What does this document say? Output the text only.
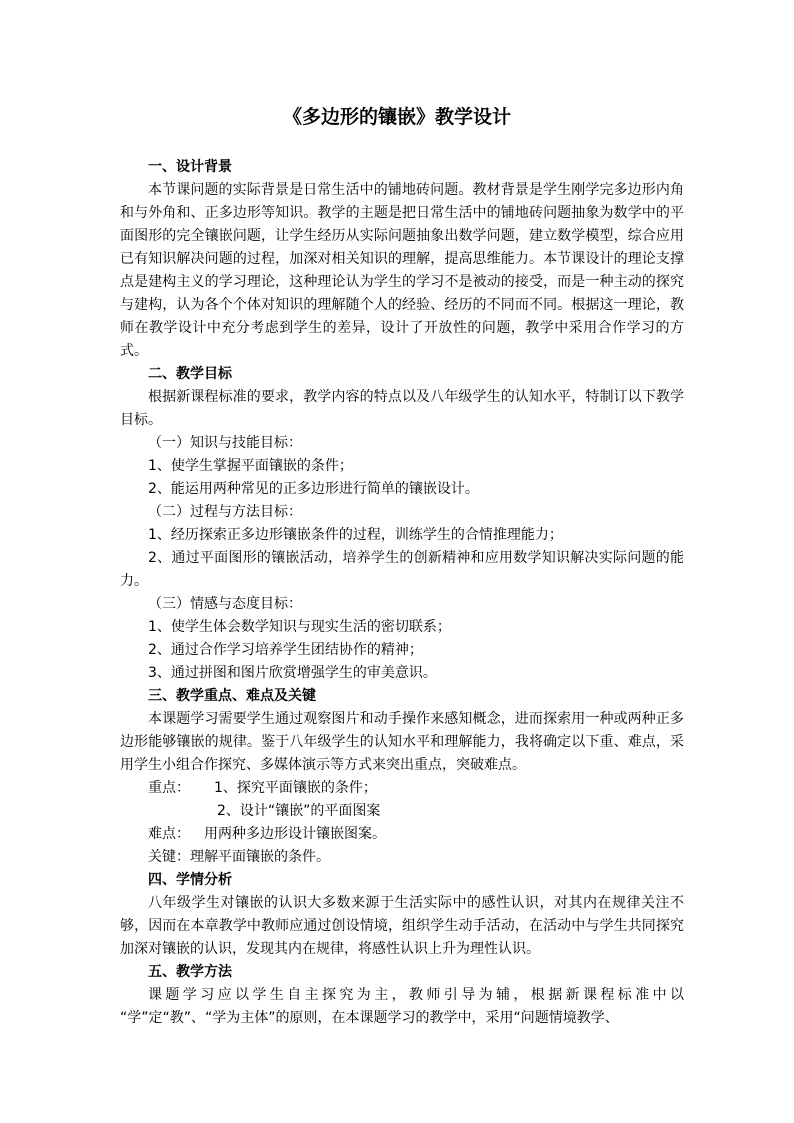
《多边形的镶嵌》教学设计

一、设计背景

本节课问题的实际背景是日常生活中的铺地砖问题。教材背景是学生刚学完多边形内角和与外角和、正多边形等知识。教学的主题是把日常生活中的铺地砖问题抽象为数学中的平面图形的完全镶嵌问题，让学生经历从实际问题抽象出数学问题，建立数学模型，综合应用已有知识解决问题的过程，加深对相关知识的理解，提高思维能力。本节课设计的理论支撑点是建构主义的学习理论，这种理论认为学生的学习不是被动的接受，而是一种主动的探究与建构，认为各个个体对知识的理解随个人的经验、经历的不同而不同。根据这一理论，教师在教学设计中充分考虑到学生的差异，设计了开放性的问题，教学中采用合作学习的方式。

二、教学目标

根据新课程标准的要求，教学内容的特点以及八年级学生的认知水平，特制订以下教学目标。

（一）知识与技能目标：

1、使学生掌握平面镶嵌的条件；

2、能运用两种常见的正多边形进行简单的镶嵌设计。

（二）过程与方法目标：

1、经历探索正多边形镶嵌条件的过程，训练学生的合情推理能力；

2、通过平面图形的镶嵌活动，培养学生的创新精神和应用数学知识解决实际问题的能力。

（三）情感与态度目标：

1、使学生体会数学知识与现实生活的密切联系；

2、通过合作学习培养学生团结协作的精神；

3、通过拼图和图片欣赏增强学生的审美意识。

三、教学重点、难点及关键

本课题学习需要学生通过观察图片和动手操作来感知概念，进而探索用一种或两种正多边形能够镶嵌的规律。鉴于八年级学生的认知水平和理解能力，我将确定以下重、难点，采用学生小组合作探究、多媒体演示等方式来突出重点，突破难点。

重点： 1、探究平面镶嵌的条件；

2、设计“镶嵌”的平面图案

难点： 用两种多边形设计镶嵌图案。

关键：理解平面镶嵌的条件。

四、学情分析

八年级学生对镶嵌的认识大多数来源于生活实际中的感性认识，对其内在规律关注不够，因而在本章教学中教师应通过创设情境，组织学生动手活动，在活动中与学生共同探究加深对镶嵌的认识，发现其内在规律，将感性认识上升为理性认识。

五、教学方法

课题学习应以学生自主探究为主，教师引导为辅，根据新课程标准中以 “学”定“教”、“学为主体”的原则，在本课题学习的教学中，采用“问题情境教学、
